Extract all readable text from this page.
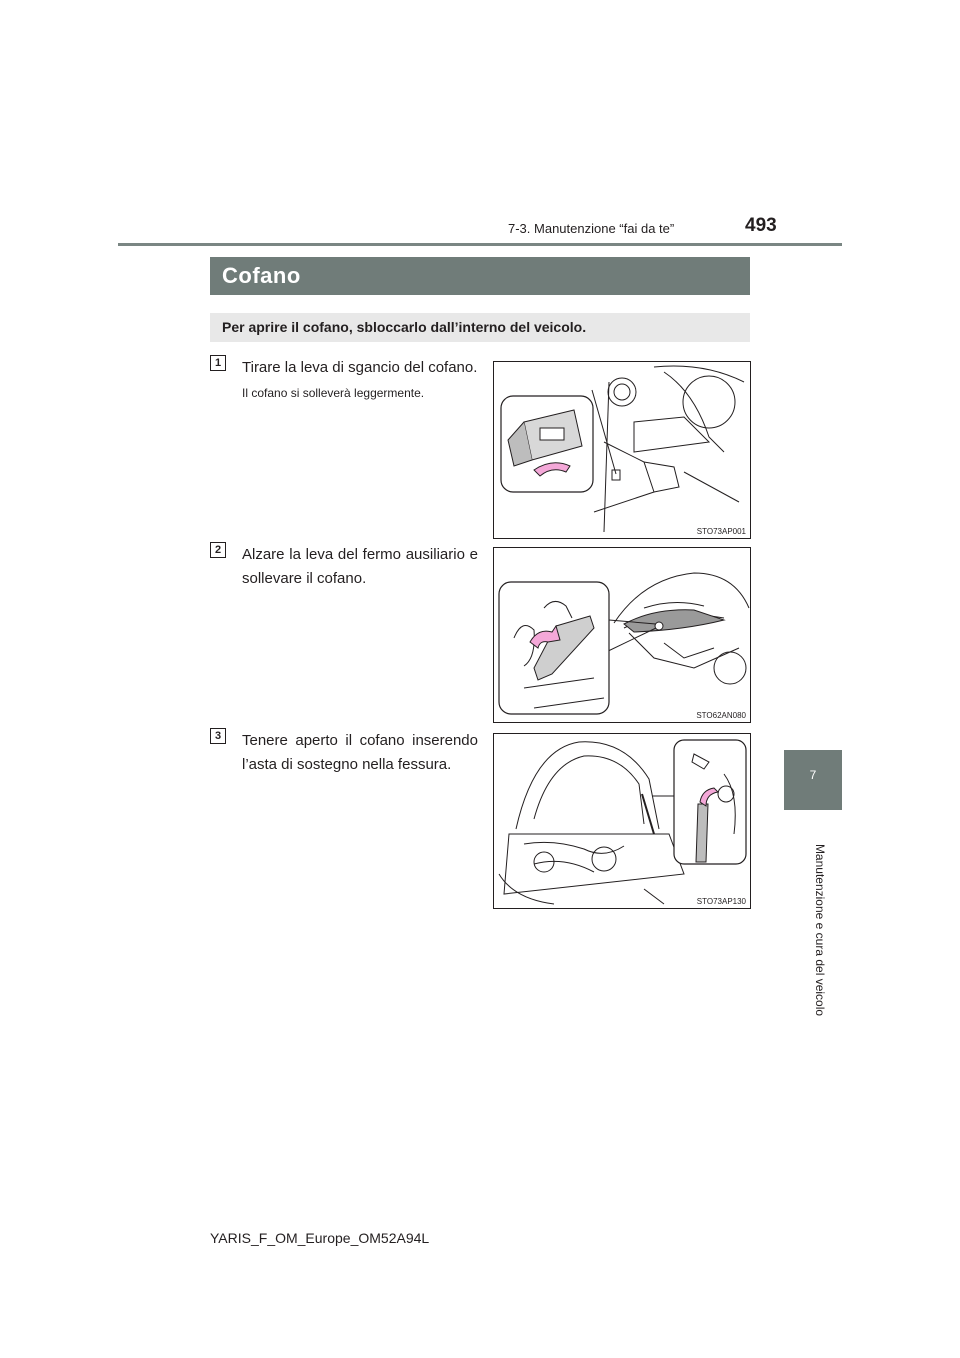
7-3. Manutenzione “fai da te”	493
Cofano
Per aprire il cofano, sbloccarlo dall’interno del veicolo.
1	Tirare la leva di sgancio del cofano.
Il cofano si solleverà leggermente.
STO73AP001
2	Alzare la leva del fermo ausiliario e sollevare il cofano.
STO62AN080
3	Tenere aperto il cofano inserendo l’asta di sostegno nella fessura.
STO73AP130
7
Manutenzione e cura del veicolo
YARIS_F_OM_Europe_OM52A94L
